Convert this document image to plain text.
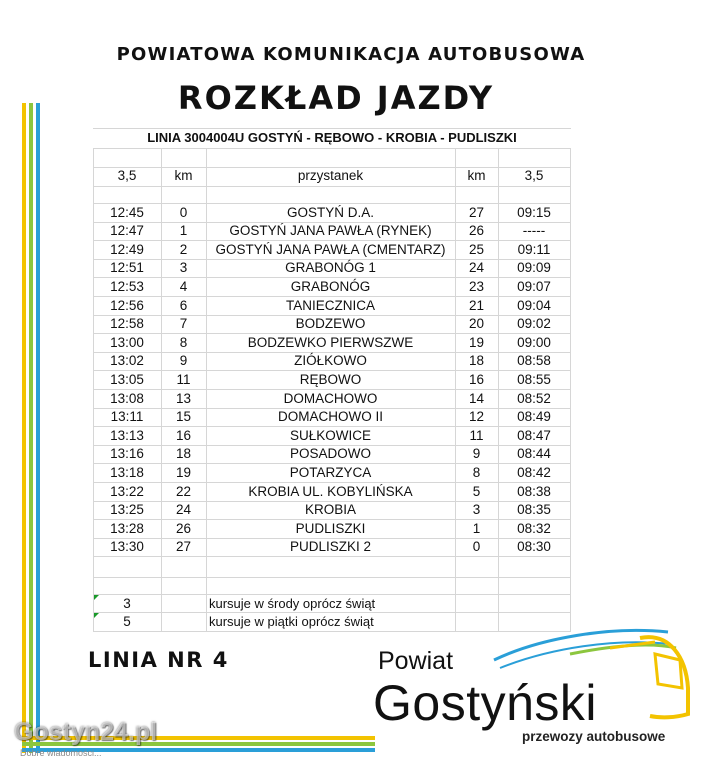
POWIATOWA KOMUNIKACJA AUTOBUSOWA
ROZKŁAD JAZDY
LINIA 3004004U GOSTYŃ - RĘBOWO - KROBIA - PUDLISZKI
3,5	km	przystanek	km	3,5
12:45	0	GOSTYŃ D.A.	27	09:15
12:47	1	GOSTYŃ JANA PAWŁA (RYNEK)	26	-----
12:49	2	GOSTYŃ JANA PAWŁA (CMENTARZ)	25	09:11
12:51	3	GRABONÓG 1	24	09:09
12:53	4	GRABONÓG	23	09:07
12:56	6	TANIECZNICA	21	09:04
12:58	7	BODZEWO	20	09:02
13:00	8	BODZEWKO PIERWSZWE	19	09:00
13:02	9	ZIÓŁKOWO	18	08:58
13:05	11	RĘBOWO	16	08:55
13:08	13	DOMACHOWO	14	08:52
13:11	15	DOMACHOWO II	12	08:49
13:13	16	SUŁKOWICE	11	08:47
13:16	18	POSADOWO	9	08:44
13:18	19	POTARZYCA	8	08:42
13:22	22	KROBIA UL. KOBYLIŃSKA	5	08:38
13:25	24	KROBIA	3	08:35
13:28	26	PUDLISZKI	1	08:32
13:30	27	PUDLISZKI 2	0	08:30
3	kursuje w środy oprócz świąt
5	kursuje w piątki oprócz świąt
LINIA NR 4	Powiat
Gostyński
przewozy autobusowe
Gostyn24.pl
Dobre wiadomości...
